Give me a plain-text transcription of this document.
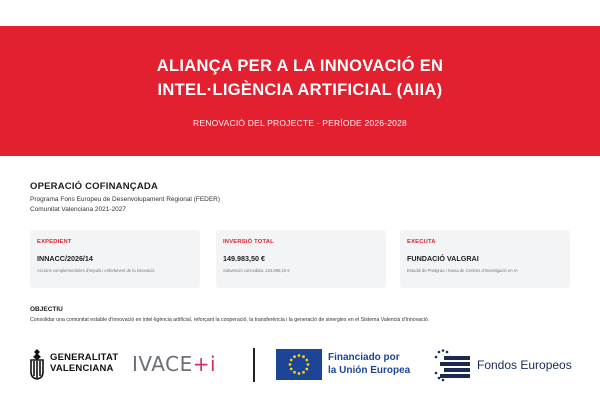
ALIANÇA PER A LA INNOVACIÓ EN
INTEL·LIGÈNCIA ARTIFICIAL (AIIA)
RENOVACIÓ DEL PROJECTE · PERÍODE 2026-2028
OPERACIÓ COFINANÇADA
Programa Fons Europeu de Desenvolupament Regional (FEDER)
Comunitat Valenciana 2021-2027
EXPEDIENT
INNACC/2026/14
Accions complementàries d'impuls i enfortiment de la innovació
INVERSIÓ TOTAL
149.983,50 €
Subvenció concedida: 134.985,15 €
EXECUTA
FUNDACIÓ VALGRAI
Estudis de Postgrau i Xarxa de Centres d'Investigació en IA
OBJECTIU
Consolidar una comunitat estable d'innovació en intel·ligència artificial, reforçant la cooperació, la transferència i la generació de sinergies en el Sistema Valencià d'Innovació.
GENERALITAT
VALENCIANA IVACE+i	Financiado por
la Unión Europea	Fondos Europeos
